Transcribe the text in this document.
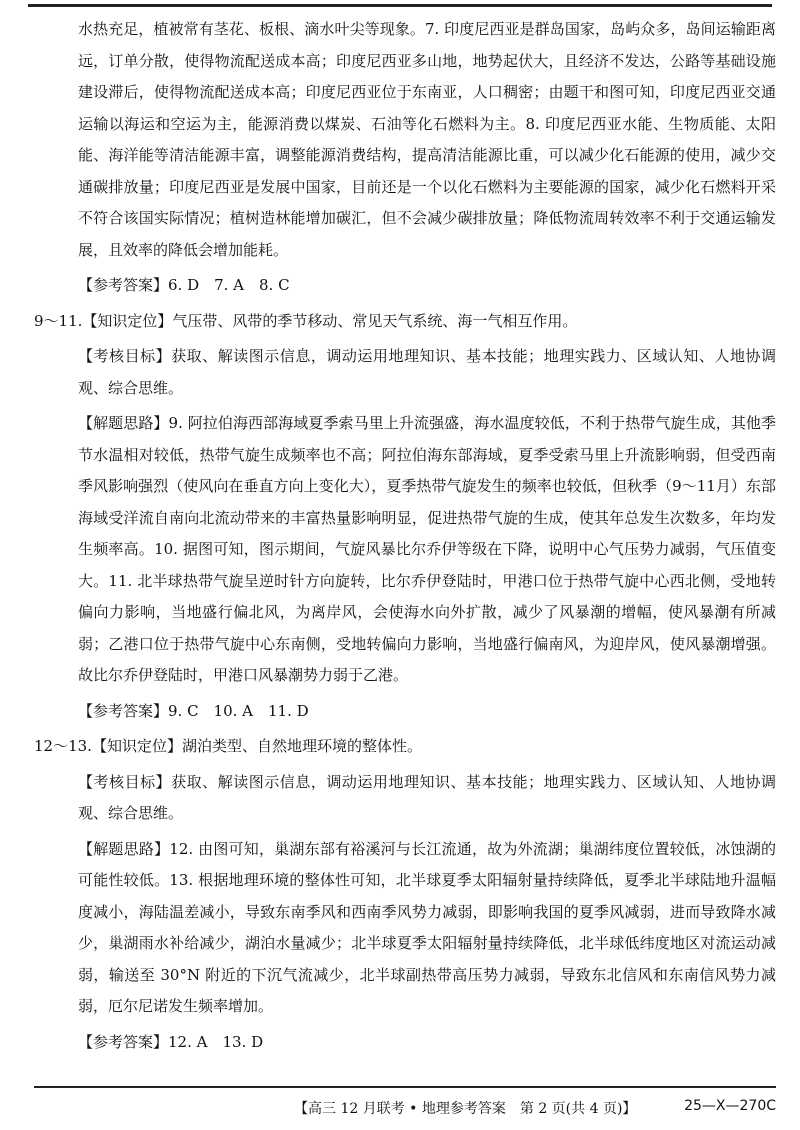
水热充足，植被常有茎花、板根、滴水叶尖等现象。7. 印度尼西亚是群岛国家，岛屿众多，岛间运输距离远，订单分散，使得物流配送成本高；印度尼西亚多山地，地势起伏大，且经济不发达，公路等基础设施建设滞后，使得物流配送成本高；印度尼西亚位于东南亚，人口稠密；由题干和图可知，印度尼西亚交通运输以海运和空运为主，能源消费以煤炭、石油等化石燃料为主。8. 印度尼西亚水能、生物质能、太阳能、海洋能等清洁能源丰富，调整能源消费结构，提高清洁能源比重，可以减少化石能源的使用，减少交通碳排放量；印度尼西亚是发展中国家，目前还是一个以化石燃料为主要能源的国家，减少化石燃料开采不符合该国实际情况；植树造林能增加碳汇，但不会减少碳排放量；降低物流周转效率不利于交通运输发展，且效率的降低会增加能耗。

【参考答案】6. D　7. A　8. C

9～11.【知识定位】气压带、风带的季节移动、常见天气系统、海一气相互作用。

【考核目标】获取、解读图示信息，调动运用地理知识、基本技能；地理实践力、区域认知、人地协调观、综合思维。

【解题思路】9. 阿拉伯海西部海域夏季索马里上升流强盛，海水温度较低，不利于热带气旋生成，其他季节水温相对较低，热带气旋生成频率也不高；阿拉伯海东部海域，夏季受索马里上升流影响弱，但受西南季风影响强烈（使风向在垂直方向上变化大），夏季热带气旋发生的频率也较低，但秋季（9～11月）东部海域受洋流自南向北流动带来的丰富热量影响明显，促进热带气旋的生成，使其年总发生次数多，年均发生频率高。10. 据图可知，图示期间，气旋风暴比尔乔伊等级在下降，说明中心气压势力减弱，气压值变大。11. 北半球热带气旋呈逆时针方向旋转，比尔乔伊登陆时，甲港口位于热带气旋中心西北侧，受地转偏向力影响，当地盛行偏北风，为离岸风，会使海水向外扩散，减少了风暴潮的增幅，使风暴潮有所减弱；乙港口位于热带气旋中心东南侧，受地转偏向力影响，当地盛行偏南风，为迎岸风，使风暴潮增强。故比尔乔伊登陆时，甲港口风暴潮势力弱于乙港。

【参考答案】9. C　10. A　11. D

12～13.【知识定位】湖泊类型、自然地理环境的整体性。

【考核目标】获取、解读图示信息，调动运用地理知识、基本技能；地理实践力、区域认知、人地协调观、综合思维。

【解题思路】12. 由图可知，巢湖东部有裕溪河与长江流通，故为外流湖；巢湖纬度位置较低，冰蚀湖的可能性较低。13. 根据地理环境的整体性可知，北半球夏季太阳辐射量持续降低，夏季北半球陆地升温幅度减小，海陆温差减小，导致东南季风和西南季风势力减弱，即影响我国的夏季风减弱，进而导致降水减少，巢湖雨水补给减少，湖泊水量减少；北半球夏季太阳辐射量持续降低，北半球低纬度地区对流运动减弱，输送至 30°N 附近的下沉气流减少，北半球副热带高压势力减弱，导致东北信风和东南信风势力减弱，厄尔尼诺发生频率增加。

【参考答案】12. A　13. D

【高三 12 月联考 • 地理参考答案　第 2 页(共 4 页)】	25—X—270C
